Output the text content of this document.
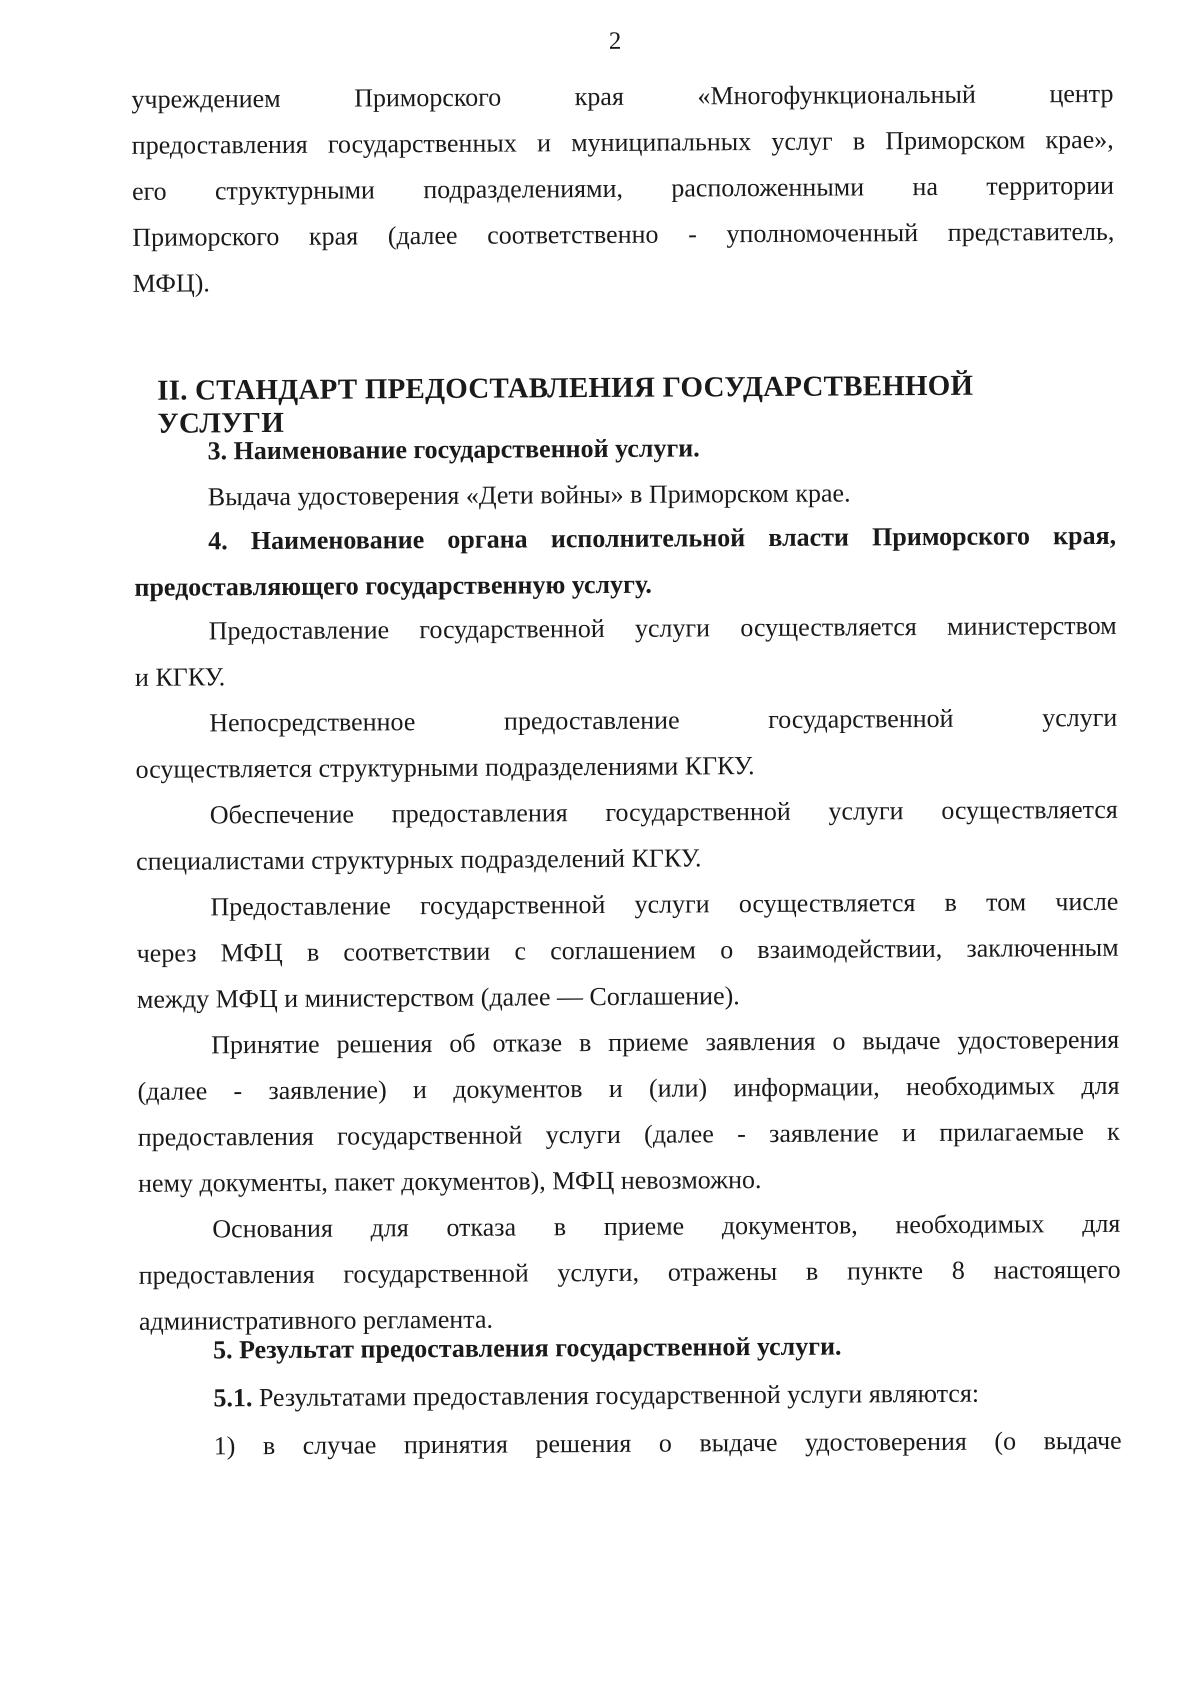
2
учреждением Приморского края «Многофункциональный центр
предоставления государственных и муниципальных услуг в Приморском крае»,
его структурными подразделениями, расположенными на территории
Приморского края (далее соответственно - уполномоченный представитель,
МФЦ).
II. СТАНДАРТ ПРЕДОСТАВЛЕНИЯ ГОСУДАРСТВЕННОЙ УСЛУГИ
3. Наименование государственной услуги.
Выдача удостоверения «Дети войны» в Приморском крае.
4. Наименование органа исполнительной власти Приморского края,
предоставляющего государственную услугу.
Предоставление государственной услуги осуществляется министерством
и КГКУ.
Непосредственное предоставление государственной услуги
осуществляется структурными подразделениями КГКУ.
Обеспечение предоставления государственной услуги осуществляется
специалистами структурных подразделений КГКУ.
Предоставление государственной услуги осуществляется в том числе
через МФЦ в соответствии с соглашением о взаимодействии, заключенным
между МФЦ и министерством (далее — Соглашение).
Принятие решения об отказе в приеме заявления о выдаче удостоверения
(далее - заявление) и документов и (или) информации, необходимых для
предоставления государственной услуги (далее - заявление и прилагаемые к
нему документы, пакет документов), МФЦ невозможно.
Основания для отказа в приеме документов, необходимых для
предоставления государственной услуги, отражены в пункте 8 настоящего
административного регламента.
5. Результат предоставления государственной услуги.
5.1. Результатами предоставления государственной услуги являются:
1) в случае принятия решения о выдаче удостоверения (о выдаче
